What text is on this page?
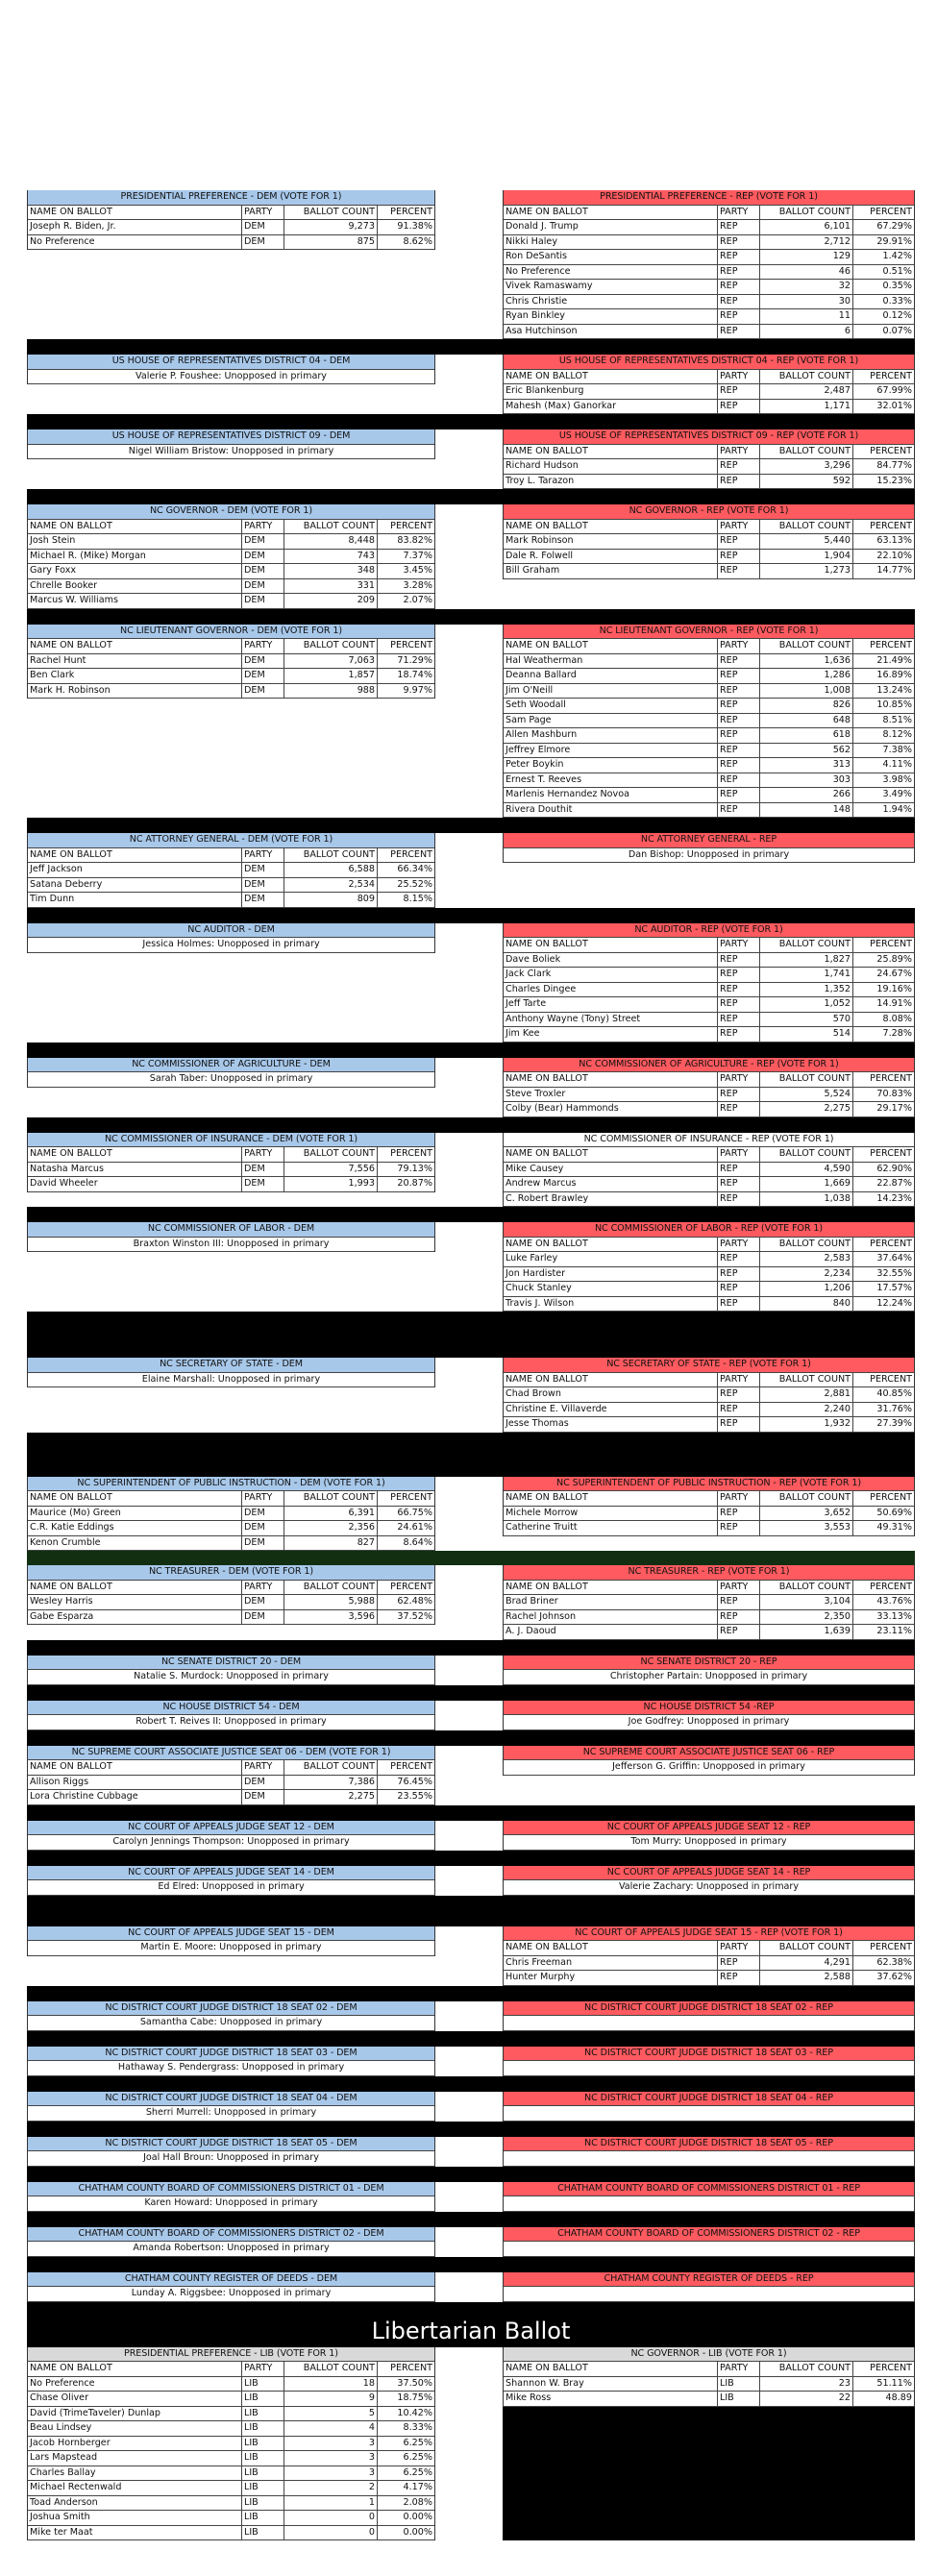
PRESIDENTIAL PREFERENCE - DEM (VOTE FOR 1)
NAME ON BALLOT	PARTY	BALLOT COUNT	PERCENT
Joseph R. Biden, Jr.	DEM	9,273	91.38%
No Preference	DEM	875	8.62%
PRESIDENTIAL PREFERENCE - REP (VOTE FOR 1)
NAME ON BALLOT	PARTY	BALLOT COUNT	PERCENT
Donald J. Trump	REP	6,101	67.29%
Nikki Haley	REP	2,712	29.91%
Ron DeSantis	REP	129	1.42%
No Preference	REP	46	0.51%
Vivek Ramaswamy	REP	32	0.35%
Chris Christie	REP	30	0.33%
Ryan Binkley	REP	11	0.12%
Asa Hutchinson	REP	6	0.07%
US HOUSE OF REPRESENTATIVES DISTRICT 04 - DEM
Valerie P. Foushee: Unopposed in primary
US HOUSE OF REPRESENTATIVES DISTRICT 04 - REP (VOTE FOR 1)
NAME ON BALLOT	PARTY	BALLOT COUNT	PERCENT
Eric Blankenburg	REP	2,487	67.99%
Mahesh (Max) Ganorkar	REP	1,171	32.01%
US HOUSE OF REPRESENTATIVES DISTRICT 09 - DEM
Nigel William Bristow: Unopposed in primary
US HOUSE OF REPRESENTATIVES DISTRICT 09 - REP (VOTE FOR 1)
NAME ON BALLOT	PARTY	BALLOT COUNT	PERCENT
Richard Hudson	REP	3,296	84.77%
Troy L. Tarazon	REP	592	15.23%
NC GOVERNOR - DEM (VOTE FOR 1)
NAME ON BALLOT	PARTY	BALLOT COUNT	PERCENT
Josh Stein	DEM	8,448	83.82%
Michael R. (Mike) Morgan	DEM	743	7.37%
Gary Foxx	DEM	348	3.45%
Chrelle Booker	DEM	331	3.28%
Marcus W. Williams	DEM	209	2.07%
NC GOVERNOR - REP (VOTE FOR 1)
NAME ON BALLOT	PARTY	BALLOT COUNT	PERCENT
Mark Robinson	REP	5,440	63.13%
Dale R. Folwell	REP	1,904	22.10%
Bill Graham	REP	1,273	14.77%
NC LIEUTENANT GOVERNOR - DEM (VOTE FOR 1)
NAME ON BALLOT	PARTY	BALLOT COUNT	PERCENT
Rachel Hunt	DEM	7,063	71.29%
Ben Clark	DEM	1,857	18.74%
Mark H. Robinson	DEM	988	9.97%
NC LIEUTENANT GOVERNOR - REP (VOTE FOR 1)
NAME ON BALLOT	PARTY	BALLOT COUNT	PERCENT
Hal Weatherman	REP	1,636	21.49%
Deanna Ballard	REP	1,286	16.89%
Jim O'Neill	REP	1,008	13.24%
Seth Woodall	REP	826	10.85%
Sam Page	REP	648	8.51%
Allen Mashburn	REP	618	8.12%
Jeffrey Elmore	REP	562	7.38%
Peter Boykin	REP	313	4.11%
Ernest T. Reeves	REP	303	3.98%
Marlenis Hernandez Novoa	REP	266	3.49%
Rivera Douthit	REP	148	1.94%
NC ATTORNEY GENERAL - DEM (VOTE FOR 1)
NAME ON BALLOT	PARTY	BALLOT COUNT	PERCENT
Jeff Jackson	DEM	6,588	66.34%
Satana Deberry	DEM	2,534	25.52%
Tim Dunn	DEM	809	8.15%
NC ATTORNEY GENERAL - REP
Dan Bishop: Unopposed in primary
NC AUDITOR - DEM
Jessica Holmes: Unopposed in primary
NC AUDITOR - REP (VOTE FOR 1)
NAME ON BALLOT	PARTY	BALLOT COUNT	PERCENT
Dave Boliek	REP	1,827	25.89%
Jack Clark	REP	1,741	24.67%
Charles Dingee	REP	1,352	19.16%
Jeff Tarte	REP	1,052	14.91%
Anthony Wayne (Tony) Street	REP	570	8.08%
Jim Kee	REP	514	7.28%
NC COMMISSIONER OF AGRICULTURE - DEM
Sarah Taber: Unopposed in primary
NC COMMISSIONER OF AGRICULTURE - REP (VOTE FOR 1)
NAME ON BALLOT	PARTY	BALLOT COUNT	PERCENT
Steve Troxler	REP	5,524	70.83%
Colby (Bear) Hammonds	REP	2,275	29.17%
NC COMMISSIONER OF INSURANCE - DEM (VOTE FOR 1)
NAME ON BALLOT	PARTY	BALLOT COUNT	PERCENT
Natasha Marcus	DEM	7,556	79.13%
David Wheeler	DEM	1,993	20.87%
NC COMMISSIONER OF INSURANCE - REP (VOTE FOR 1)
NAME ON BALLOT	PARTY	BALLOT COUNT	PERCENT
Mike Causey	REP	4,590	62.90%
Andrew Marcus	REP	1,669	22.87%
C. Robert Brawley	REP	1,038	14.23%
NC COMMISSIONER OF LABOR - DEM
Braxton Winston III: Unopposed in primary
NC COMMISSIONER OF LABOR - REP (VOTE FOR 1)
NAME ON BALLOT	PARTY	BALLOT COUNT	PERCENT
Luke Farley	REP	2,583	37.64%
Jon Hardister	REP	2,234	32.55%
Chuck Stanley	REP	1,206	17.57%
Travis J. Wilson	REP	840	12.24%
NC SECRETARY OF STATE - DEM
Elaine Marshall: Unopposed in primary
NC SECRETARY OF STATE - REP (VOTE FOR 1)
NAME ON BALLOT	PARTY	BALLOT COUNT	PERCENT
Chad Brown	REP	2,881	40.85%
Christine E. Villaverde	REP	2,240	31.76%
Jesse Thomas	REP	1,932	27.39%
NC SUPERINTENDENT OF PUBLIC INSTRUCTION - DEM (VOTE FOR 1)
NAME ON BALLOT	PARTY	BALLOT COUNT	PERCENT
Maurice (Mo) Green	DEM	6,391	66.75%
C.R. Katie Eddings	DEM	2,356	24.61%
Kenon Crumble	DEM	827	8.64%
NC SUPERINTENDENT OF PUBLIC INSTRUCTION - REP (VOTE FOR 1)
NAME ON BALLOT	PARTY	BALLOT COUNT	PERCENT
Michele Morrow	REP	3,652	50.69%
Catherine Truitt	REP	3,553	49.31%
NC TREASURER - DEM (VOTE FOR 1)
NAME ON BALLOT	PARTY	BALLOT COUNT	PERCENT
Wesley Harris	DEM	5,988	62.48%
Gabe Esparza	DEM	3,596	37.52%
NC TREASURER - REP (VOTE FOR 1)
NAME ON BALLOT	PARTY	BALLOT COUNT	PERCENT
Brad Briner	REP	3,104	43.76%
Rachel Johnson	REP	2,350	33.13%
A. J. Daoud	REP	1,639	23.11%
NC SENATE DISTRICT 20 - DEM
Natalie S. Murdock: Unopposed in primary
NC SENATE DISTRICT 20 - REP
Christopher Partain: Unopposed in primary
NC HOUSE DISTRICT 54 - DEM
Robert T. Reives II: Unopposed in primary
NC HOUSE DISTRICT 54 -REP
Joe Godfrey: Unopposed in primary
NC SUPREME COURT ASSOCIATE JUSTICE SEAT 06 - DEM (VOTE FOR 1)
NAME ON BALLOT	PARTY	BALLOT COUNT	PERCENT
Allison Riggs	DEM	7,386	76.45%
Lora Christine Cubbage	DEM	2,275	23.55%
NC SUPREME COURT ASSOCIATE JUSTICE SEAT 06 - REP
Jefferson G. Griffin: Unopposed in primary
NC COURT OF APPEALS JUDGE SEAT 12 - DEM
Carolyn Jennings Thompson: Unopposed in primary
NC COURT OF APPEALS JUDGE SEAT 12 - REP
Tom Murry: Unopposed in primary
NC COURT OF APPEALS JUDGE SEAT 14 - DEM
Ed Elred: Unopposed in primary
NC COURT OF APPEALS JUDGE SEAT 14 - REP
Valerie Zachary: Unopposed in primary
NC COURT OF APPEALS JUDGE SEAT 15 - DEM
Martin E. Moore: Unopposed in primary
NC COURT OF APPEALS JUDGE SEAT 15 - REP (VOTE FOR 1)
NAME ON BALLOT	PARTY	BALLOT COUNT	PERCENT
Chris Freeman	REP	4,291	62.38%
Hunter Murphy	REP	2,588	37.62%
NC DISTRICT COURT JUDGE DISTRICT 18 SEAT 02 - DEM
Samantha Cabe: Unopposed in primary
NC DISTRICT COURT JUDGE DISTRICT 18 SEAT 02 - REP
NC DISTRICT COURT JUDGE DISTRICT 18 SEAT 03 - DEM
Hathaway S. Pendergrass: Unopposed in primary
NC DISTRICT COURT JUDGE DISTRICT 18 SEAT 03 - REP
NC DISTRICT COURT JUDGE DISTRICT 18 SEAT 04 - DEM
Sherri Murrell: Unopposed in primary
NC DISTRICT COURT JUDGE DISTRICT 18 SEAT 04 - REP
NC DISTRICT COURT JUDGE DISTRICT 18 SEAT 05 - DEM
Joal Hall Broun: Unopposed in primary
NC DISTRICT COURT JUDGE DISTRICT 18 SEAT 05 - REP
CHATHAM COUNTY BOARD OF COMMISSIONERS DISTRICT 01 - DEM
Karen Howard: Unopposed in primary
CHATHAM COUNTY BOARD OF COMMISSIONERS DISTRICT 01 - REP
CHATHAM COUNTY BOARD OF COMMISSIONERS DISTRICT 02 - DEM
Amanda Robertson: Unopposed in primary
CHATHAM COUNTY BOARD OF COMMISSIONERS DISTRICT 02 - REP
CHATHAM COUNTY REGISTER OF DEEDS - DEM
Lunday A. Riggsbee: Unopposed in primary
CHATHAM COUNTY REGISTER OF DEEDS - REP
Libertarian Ballot
PRESIDENTIAL PREFERENCE - LIB (VOTE FOR 1)
NAME ON BALLOT	PARTY	BALLOT COUNT	PERCENT
No Preference	LIB	18	37.50%
Chase Oliver	LIB	9	18.75%
David (TrimeTaveler) Dunlap	LIB	5	10.42%
Beau Lindsey	LIB	4	8.33%
Jacob Hornberger	LIB	3	6.25%
Lars Mapstead	LIB	3	6.25%
Charles Ballay	LIB	3	6.25%
Michael Rectenwald	LIB	2	4.17%
Toad Anderson	LIB	1	2.08%
Joshua Smith	LIB	0	0.00%
Mike ter Maat	LIB	0	0.00%
NC GOVERNOR - LIB (VOTE FOR 1)
NAME ON BALLOT	PARTY	BALLOT COUNT	PERCENT
Shannon W. Bray	LIB	23	51.11%
Mike Ross	LIB	22	48.89
